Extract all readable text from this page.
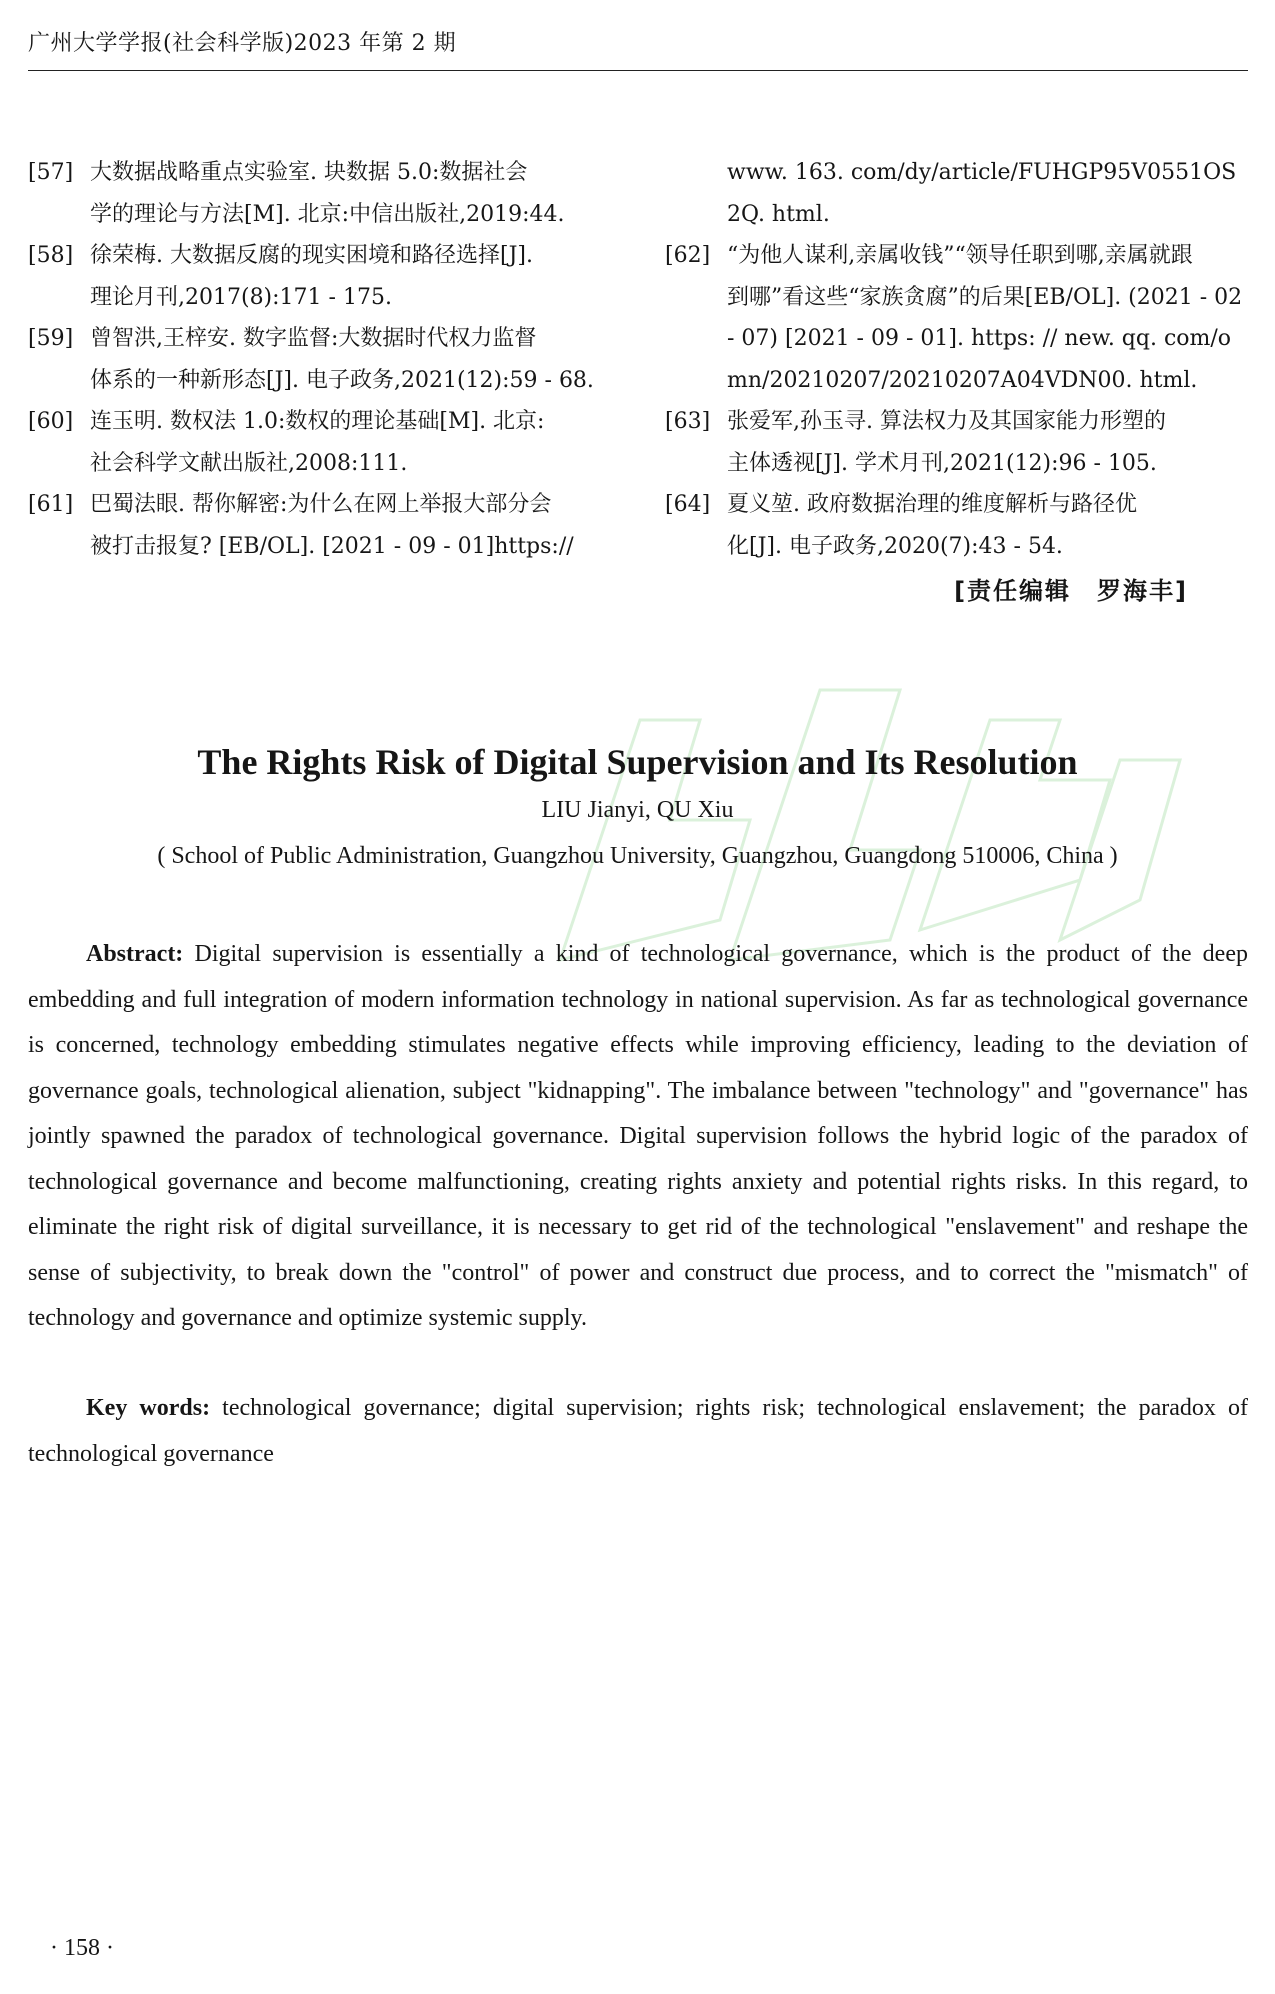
广州大学学报(社会科学版)2023 年第 2 期
[57] 大数据战略重点实验室. 块数据 5.0:数据社会
学的理论与方法[M]. 北京:中信出版社,2019:44.
[58] 徐荣梅. 大数据反腐的现实困境和路径选择[J].
理论月刊,2017(8):171 - 175.
[59] 曾智洪,王梓安. 数字监督:大数据时代权力监督
体系的一种新形态[J]. 电子政务,2021(12):59 - 68.
[60] 连玉明. 数权法 1.0:数权的理论基础[M]. 北京:
社会科学文献出版社,2008:111.
[61] 巴蜀法眼. 帮你解密:为什么在网上举报大部分会
被打击报复? [EB/OL]. [2021 - 09 - 01]https://
www. 163. com/dy/article/FUHGP95V0551OS2Q. html.
[62] “为他人谋利,亲属收钱”“领导任职到哪,亲属就跟
到哪”看这些“家族贪腐”的后果[EB/OL]. (2021 - 02 - 07) [2021 - 09 - 01]. https: // new. qq. com/omn/20210207/20210207A04VDN00. html.
[63] 张爱军,孙玉寻. 算法权力及其国家能力形塑的
主体透视[J]. 学术月刊,2021(12):96 - 105.
[64] 夏义堃. 政府数据治理的维度解析与路径优
化[J]. 电子政务,2020(7):43 - 54.
[责任编辑　罗海丰]
The Rights Risk of Digital Supervision and Its Resolution
LIU Jianyi, QU Xiu
( School of Public Administration, Guangzhou University, Guangzhou, Guangdong 510006, China )

Abstract: Digital supervision is essentially a kind of technological governance, which is the product of the deep embedding and full integration of modern information technology in national supervision. As far as technological governance is concerned, technology embedding stimulates negative effects while improving efficiency, leading to the deviation of governance goals, technological alienation, subject "kidnapping". The imbalance between "technology" and "governance" has jointly spawned the paradox of technological governance. Digital supervision follows the hybrid logic of the paradox of technological governance and become malfunctioning, creating rights anxiety and potential rights risks. In this regard, to eliminate the right risk of digital surveillance, it is necessary to get rid of the technological "enslavement" and reshape the sense of subjectivity, to break down the "control" of power and construct due process, and to correct the "mismatch" of technology and governance and optimize systemic supply.

Key words: technological governance; digital supervision; rights risk; technological enslavement; the paradox of technological governance

· 158 ·
